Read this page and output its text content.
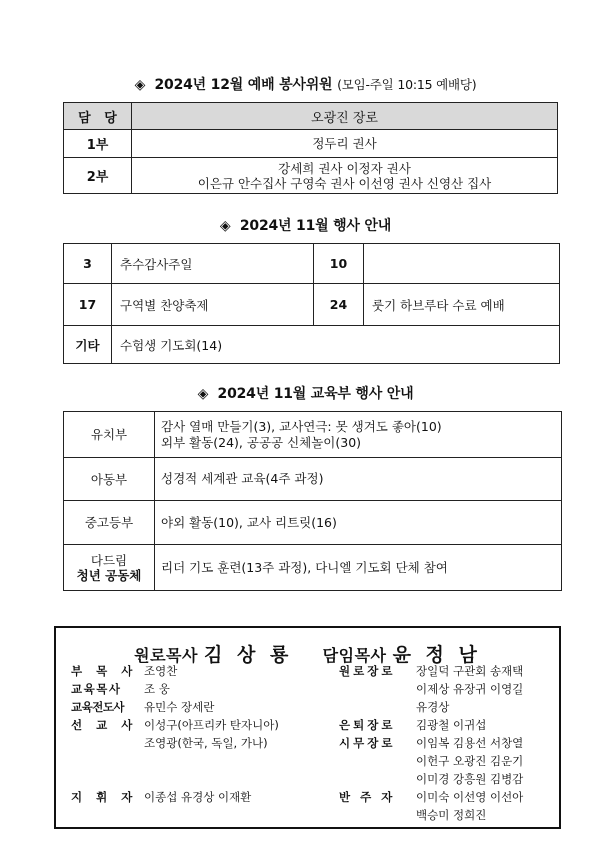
◈ 2024년 12월 예배 봉사위원 (모임-주일 10:15 예배당)
담   당	오광진 장로
1부	정두리 권사
2부	강세희 권사 이정자 권사
이은규 안수집사 구영숙 권사 이선영 권사 신영산 집사
◈ 2024년 11월 행사 안내
3	추수감사주일	10	
17	구역별 찬양축제	24	룻기 하브루타 수료 예배
기타	수험생 기도회(14)		
◈ 2024년 11월 교육부 행사 안내
유치부	감사 열매 만들기(3), 교사연극: 못 생겨도 좋아(10)
외부 활동(24), 공공공 신체놀이(30)

아동부	성경적 세계관 교육(4주 과정)
중고등부	야외 활동(10), 교사 리트릿(16)

다드림
청년 공동체	리더 기도 훈련(13주 과정), 다니엘 기도회 단체 참여
원로목사 김 상 룡 담임목사 윤 정 남
부 목 사 조영찬
교육목사	조 웅
교육전도사	유민수 장세란
선 교 사 이성구(아프리카 탄자니아)
조영광(한국, 독일, 가나)
지 휘 자 이종섭 유경상 이재환
원로장로 장일덕 구관회 송재택
이제상 유장귀 이영길
유경상
은퇴장로 김광철 이귀섭
시무장로 이임복 김용선 서창열
이헌구 오광진 김운기
이미경 강흥원 김병감
반 주 자 이미숙 이선영 이선아
백승미 정희진
